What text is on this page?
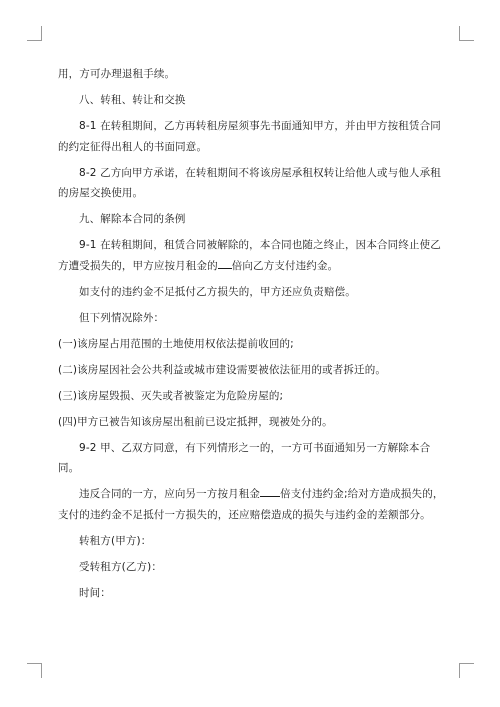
用，方可办理退租手续。

八、转租、转让和交换

8-1 在转租期间，乙方再转租房屋须事先书面通知甲方，并由甲方按租赁合同的约定征得出租人的书面同意。

8-2 乙方向甲方承诺，在转租期间不将该房屋承租权转让给他人或与他人承租的房屋交换使用。

九、解除本合同的条例

9-1 在转租期间，租赁合同被解除的，本合同也随之终止，因本合同终止使乙方遭受损失的，甲方应按月租金的 倍向乙方支付违约金。

如支付的违约金不足抵付乙方损失的，甲方还应负责赔偿。

但下列情况除外：

(一)该房屋占用范围的土地使用权依法提前收回的;

(二)该房屋因社会公共利益或城市建设需要被依法征用的或者拆迁的。

(三)该房屋毁损、灭失或者被鉴定为危险房屋的;

(四)甲方已被告知该房屋出租前已设定抵押，现被处分的。

9-2 甲、乙双方同意，有下列情形之一的，一方可书面通知另一方解除本合同。

违反合同的一方，应向另一方按月租金 倍支付违约金;给对方造成损失的，支付的违约金不足抵付一方损失的，还应赔偿造成的损失与违约金的差额部分。

转租方(甲方)：

受转租方(乙方)：

时间：
